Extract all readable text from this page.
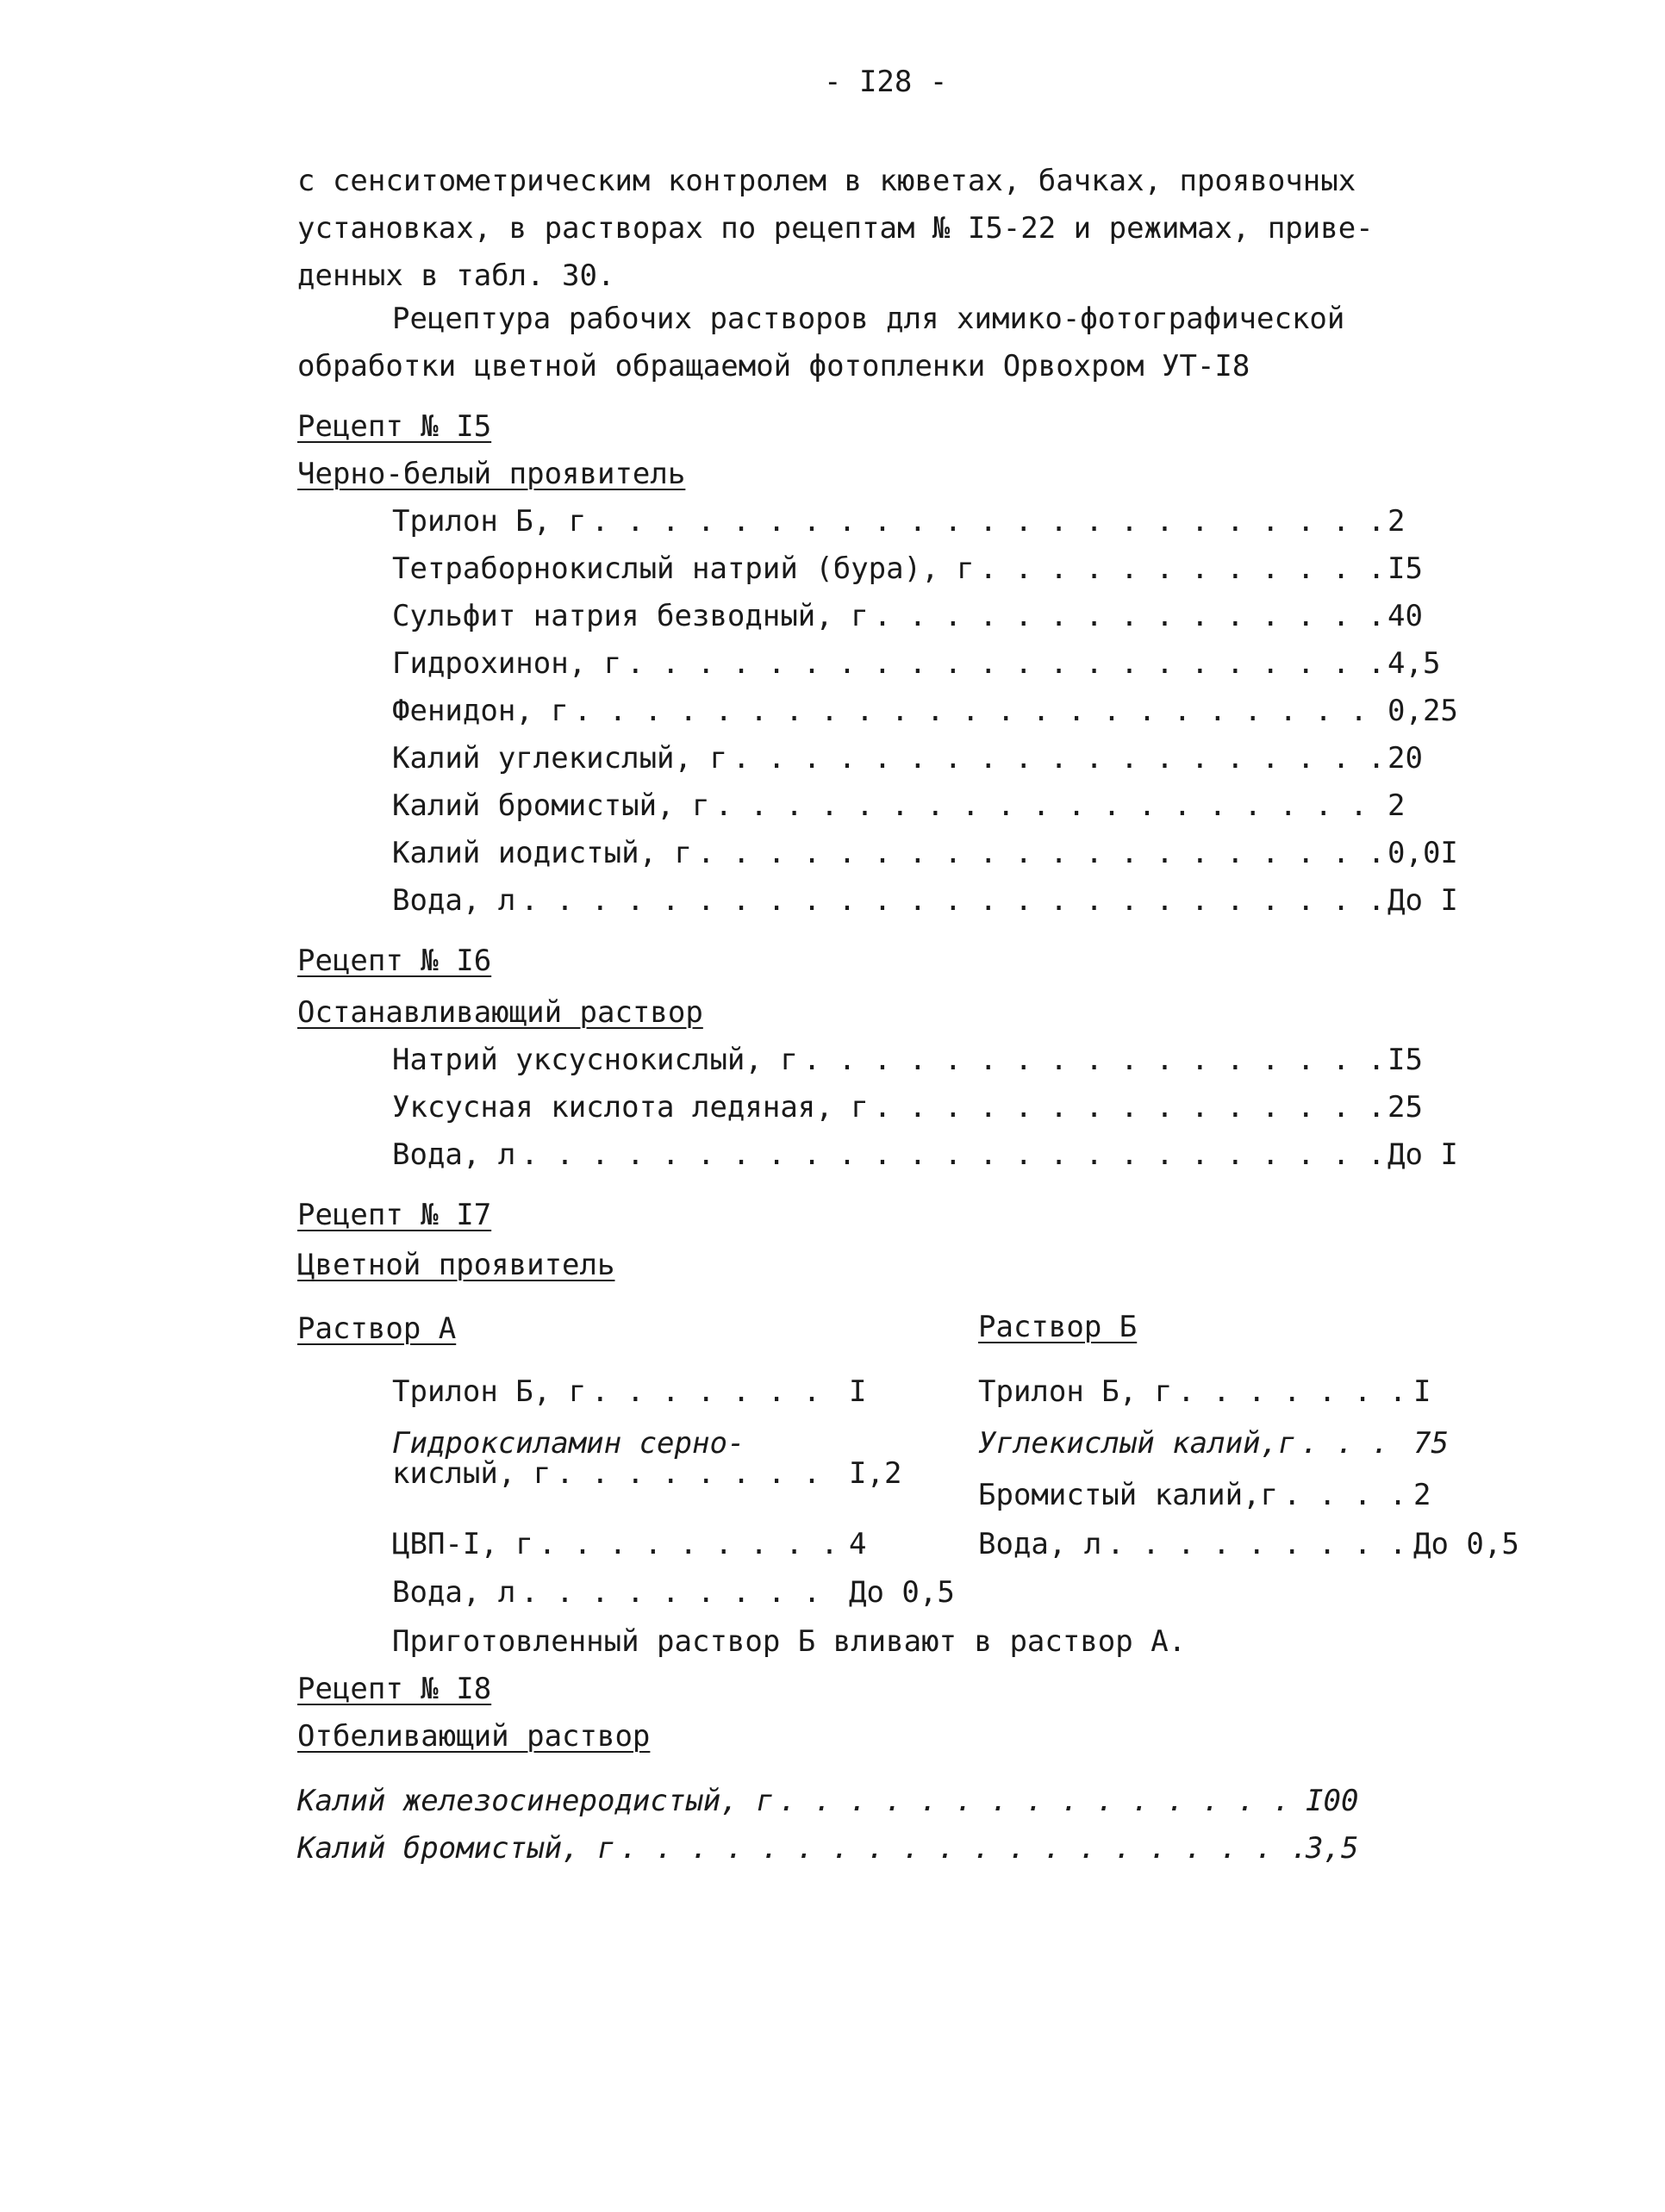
- I28 -
с сенситометрическим контролем в кюветах, бачках, проявочных
установках, в растворах по рецептам № I5-22 и режимах, приве-
денных в табл. 30.
Рецептура рабочих растворов для химико-фотографической
обработки цветной обращаемой фотопленки Орвохром УТ-I8
Рецепт № I5
Черно-белый проявитель
Трилон Б, г . . .	2
Тетраборнокислый натрий (бура), г . . .	I5
Сульфит натрия безводный, г . . .	40
Гидрохинон, г . . .	4,5
Фенидон, г . . .	0,25
Калий углекислый, г . . .	20
Калий бромистый, г . . .	2
Калий иодистый, г . . .	0,0I
Вода, л . . .	До I
Рецепт № I6
Останавливающий раствор
Натрий уксуснокислый, г . . .	I5
Уксусная кислота ледяная, г . . .	25
Вода, л . . .	До I
Рецепт № I7
Цветной проявитель
Раствор А	Раствор Б
Трилон Б, г . . .	I
Гидроксиламин серно-
кислый, г . . .	I,2
ЦВП-I, г . . .	4
Вода, л . . .	До 0,5
Трилон Б, г . . .	I
Углекислый калий,г . . .	75
Бромистый калий,г . . .	2
Вода, л . . .	До 0,5
Приготовленный раствор Б вливают в раствор А.
Рецепт № I8
Отбеливающий раствор
Калий железосинеродистый, г . . .	I00
Калий бромистый, г . . .	3,5
